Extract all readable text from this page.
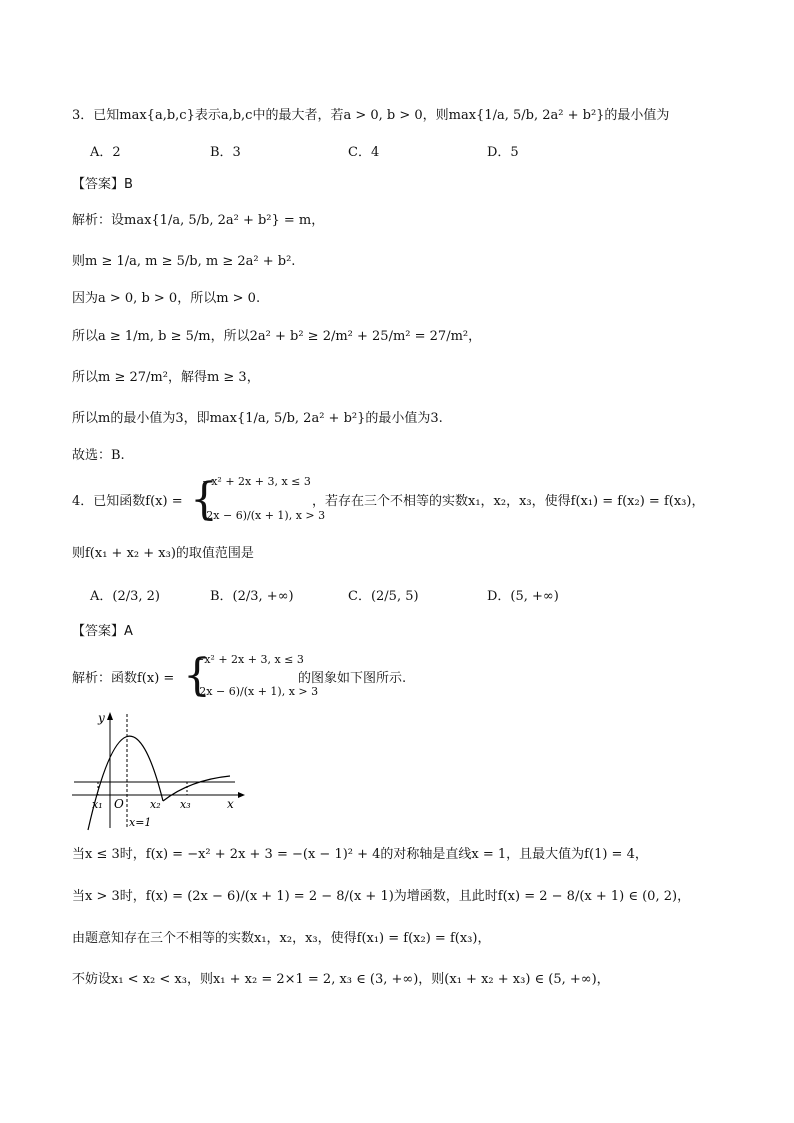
3．已知max{a,b,c}表示a,b,c中的最大者，若a > 0, b > 0，则max{1/a, 5/b, 2a² + b²}的最小值为
A．2	B．3	C．4	D．5
【答案】B
解析：设max{1/a, 5/b, 2a² + b²} = m，
则m ≥ 1/a, m ≥ 5/b, m ≥ 2a² + b².
因为a > 0, b > 0，所以m > 0.
所以a ≥ 1/m, b ≥ 5/m，所以2a² + b² ≥ 2/m² + 25/m² = 27/m²，
所以m ≥ 27/m²，解得m ≥ 3，
所以m的最小值为3，即max{1/a, 5/b, 2a² + b²}的最小值为3.
故选：B.
4．已知函数f(x) = {
−x² + 2x + 3, x ≤ 3
(2x − 6)/(x + 1), x > 3
，若存在三个不相等的实数x₁，x₂，x₃，使得f(x₁) = f(x₂) = f(x₃)，
则f(x₁ + x₂ + x₃)的取值范围是
A．(2/3, 2)	B．(2/3, +∞)	C．(2/5, 5)	D．(5, +∞)
【答案】A
解析：函数f(x) = {
−x² + 2x + 3, x ≤ 3
(2x − 6)/(x + 1), x > 3
的图象如下图所示.
y
x
O
x₁	x₂ x₃
x=1
当x ≤ 3时，f(x) = −x² + 2x + 3 = −(x − 1)² + 4的对称轴是直线x = 1，且最大值为f(1) = 4，
当x > 3时，f(x) = (2x − 6)/(x + 1) = 2 − 8/(x + 1)为增函数，且此时f(x) = 2 − 8/(x + 1) ∈ (0, 2)，
由题意知存在三个不相等的实数x₁，x₂，x₃，使得f(x₁) = f(x₂) = f(x₃)，
不妨设x₁ < x₂ < x₃，则x₁ + x₂ = 2×1 = 2, x₃ ∈ (3, +∞)，则(x₁ + x₂ + x₃) ∈ (5, +∞)，
